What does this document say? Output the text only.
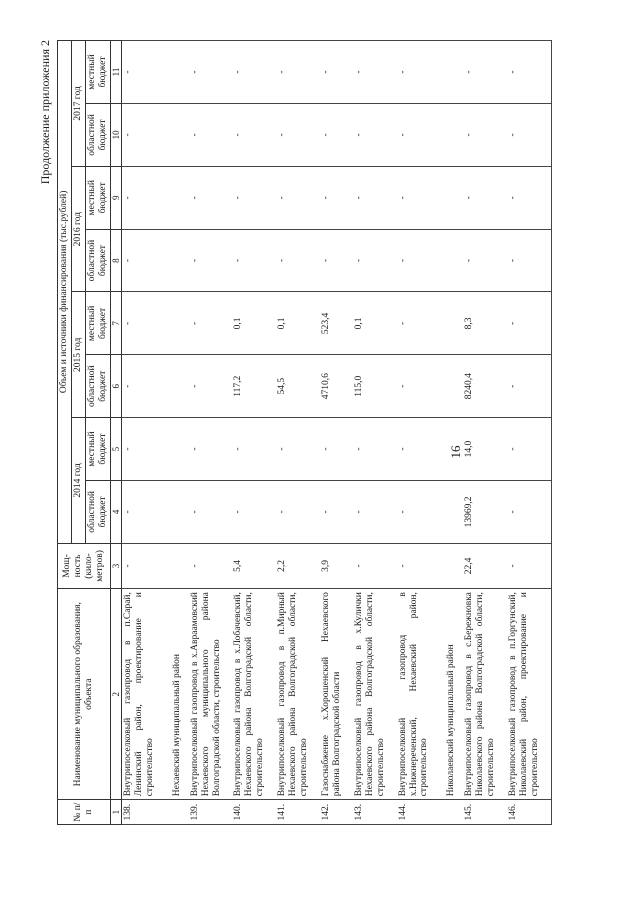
16
Продолжение приложения 2
№ п/п	Наименование муниципального образования, объекта	Мощ-ность (кило-метров)	Объем и источники финансирования (тыс.рублей)							
			2014 год		2015 год		2016 год		2017 год	
			областной бюджет	местный бюджет	областной бюджет	местный бюджет	областной бюджет	местный бюджет	областной бюджет	местный бюджет
1	2	3	4	5	6	7	8	9	10	11
138.	Внутрипоселковый газопровод в п.Сарай, Ленинский район, проектирование и строительство	-	-	-	-	-	-	-	-	-
	Нехаевский муниципальный район									
139.	Внутрипоселковый газопровод в х.Авраамовский Нехаевского муниципального района Волгоградской области, строительство	-	-	-	-	-	-	-	-	-
140.	Внутрипоселковый газопровод в х.Лобачевский, Нехаевского района Волгоградской области, строительство	5,4	-	-	117,2	0,1	-	-	-	-
141.	Внутрипоселковый газопровод в п.Мирный Нехаевского района Волгоградской области, строительство	2,2	-	-	54,5	0,1	-	-	-	-
142.	Газоснабжение х.Хорошенский Нехаевского района Волгоградской области	3,9	-	-	4710,6	523,4	-	-	-	-
143.	Внутрипоселковый газопровод в х.Кулички Нехаевского района Волгоградской области, строительство	-	-	-	115,0	0,1	-	-	-	-
144.	Внутрипоселковый газопровод в х.Нижнереченский, Нехаевский район, строительство	-	-	-	-	-	-	-	-	-
	Николаевский муниципальный район									
145.	Внутрипоселковый газопровод в с.Бережновка Николаевского района Волгоградской области, строительство	22,4	13969,2	14,0	8240,4	8,3	-	-	-	-
146.	Внутрипоселковый газопровод в п.Горгунский, Николаевский район, проектирование и строительство	-	-	-	-	-	-	-	-	-
